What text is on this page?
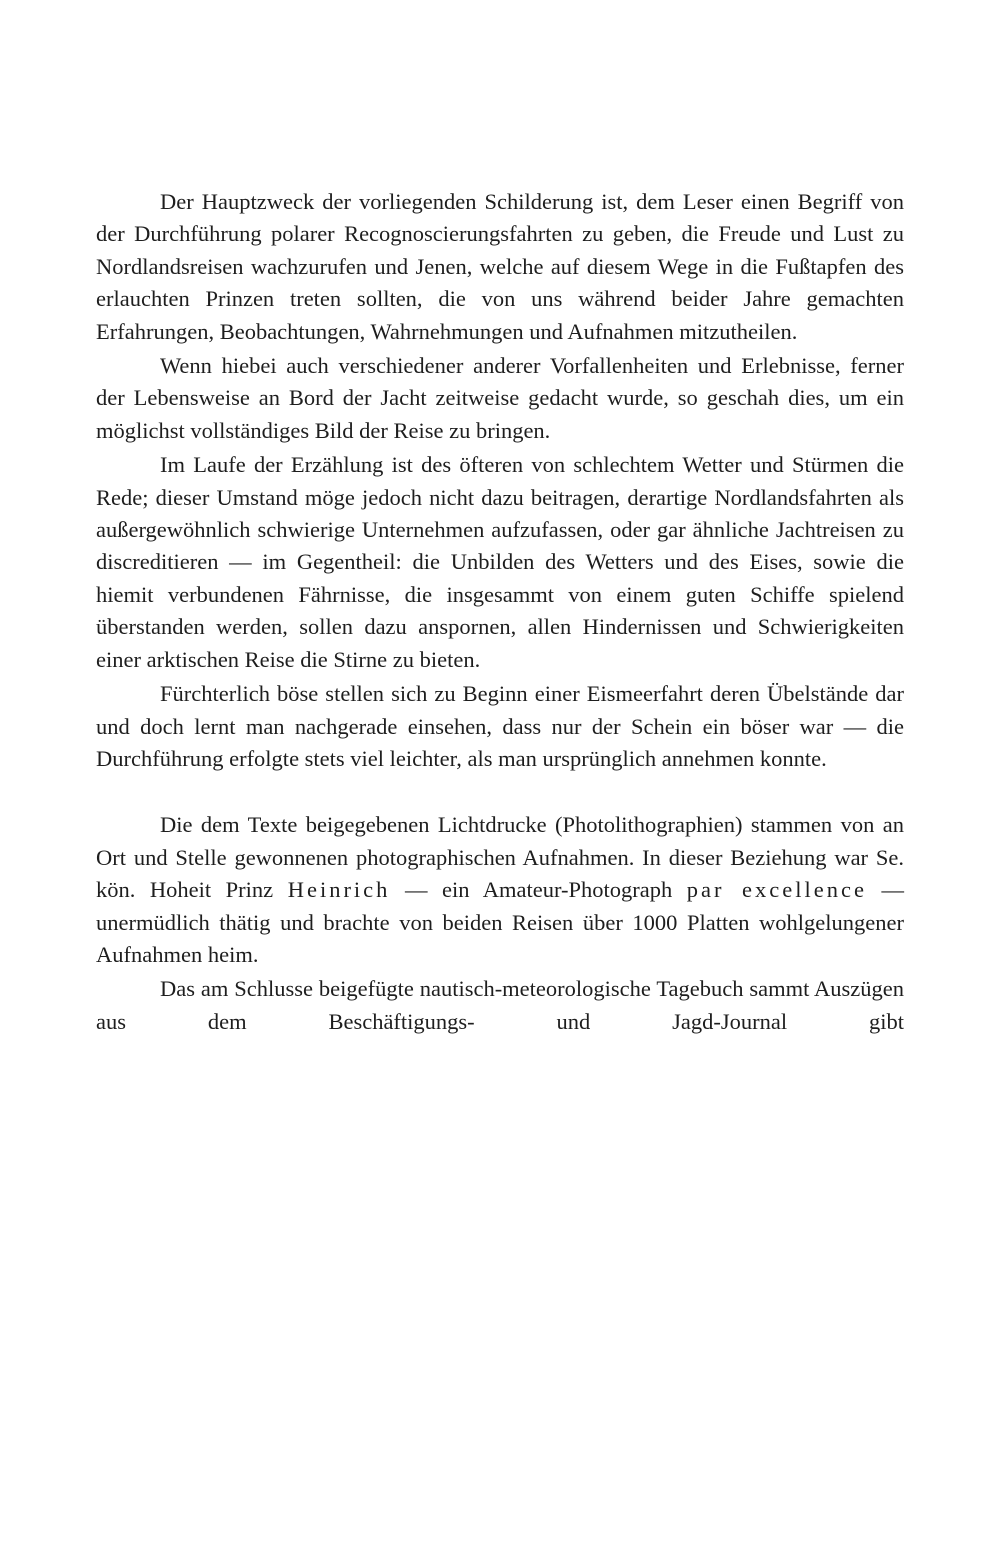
Der Hauptzweck der vorliegenden Schilderung ist, dem Leser einen Begriff von der Durchführung polarer Recognoscierungsfahrten zu geben, die Freude und Lust zu Nordlandsreisen wachzurufen und Jenen, welche auf diesem Wege in die Fußtapfen des erlauchten Prinzen treten sollten, die von uns während beider Jahre gemachten Erfahrungen, Beobachtungen, Wahrnehmungen und Aufnahmen mitzutheilen.

Wenn hiebei auch verschiedener anderer Vorfallenheiten und Erlebnisse, ferner der Lebensweise an Bord der Jacht zeitweise gedacht wurde, so geschah dies, um ein möglichst vollständiges Bild der Reise zu bringen.

Im Laufe der Erzählung ist des öfteren von schlechtem Wetter und Stürmen die Rede; dieser Umstand möge jedoch nicht dazu beitragen, derartige Nordlandsfahrten als außergewöhnlich schwierige Unternehmen aufzufassen, oder gar ähnliche Jachtreisen zu discreditieren — im Gegentheil: die Unbilden des Wetters und des Eises, sowie die hiemit verbundenen Fährnisse, die insgesammt von einem guten Schiffe spielend überstanden werden, sollen dazu anspornen, allen Hindernissen und Schwierigkeiten einer arktischen Reise die Stirne zu bieten.

Fürchterlich böse stellen sich zu Beginn einer Eismeerfahrt deren Übelstände dar und doch lernt man nachgerade einsehen, dass nur der Schein ein böser war — die Durchführung erfolgte stets viel leichter, als man ursprünglich annehmen konnte.

Die dem Texte beigegebenen Lichtdrucke (Photolithographien) stammen von an Ort und Stelle gewonnenen photographischen Aufnahmen. In dieser Beziehung war Se. kön. Hoheit Prinz Heinrich — ein Amateur-Photograph par excellence — unermüdlich thätig und brachte von beiden Reisen über 1000 Platten wohlgelungener Aufnahmen heim.

Das am Schlusse beigefügte nautisch-meteorologische Tagebuch sammt Auszügen aus dem Beschäftigungs- und Jagd-Journal gibt
